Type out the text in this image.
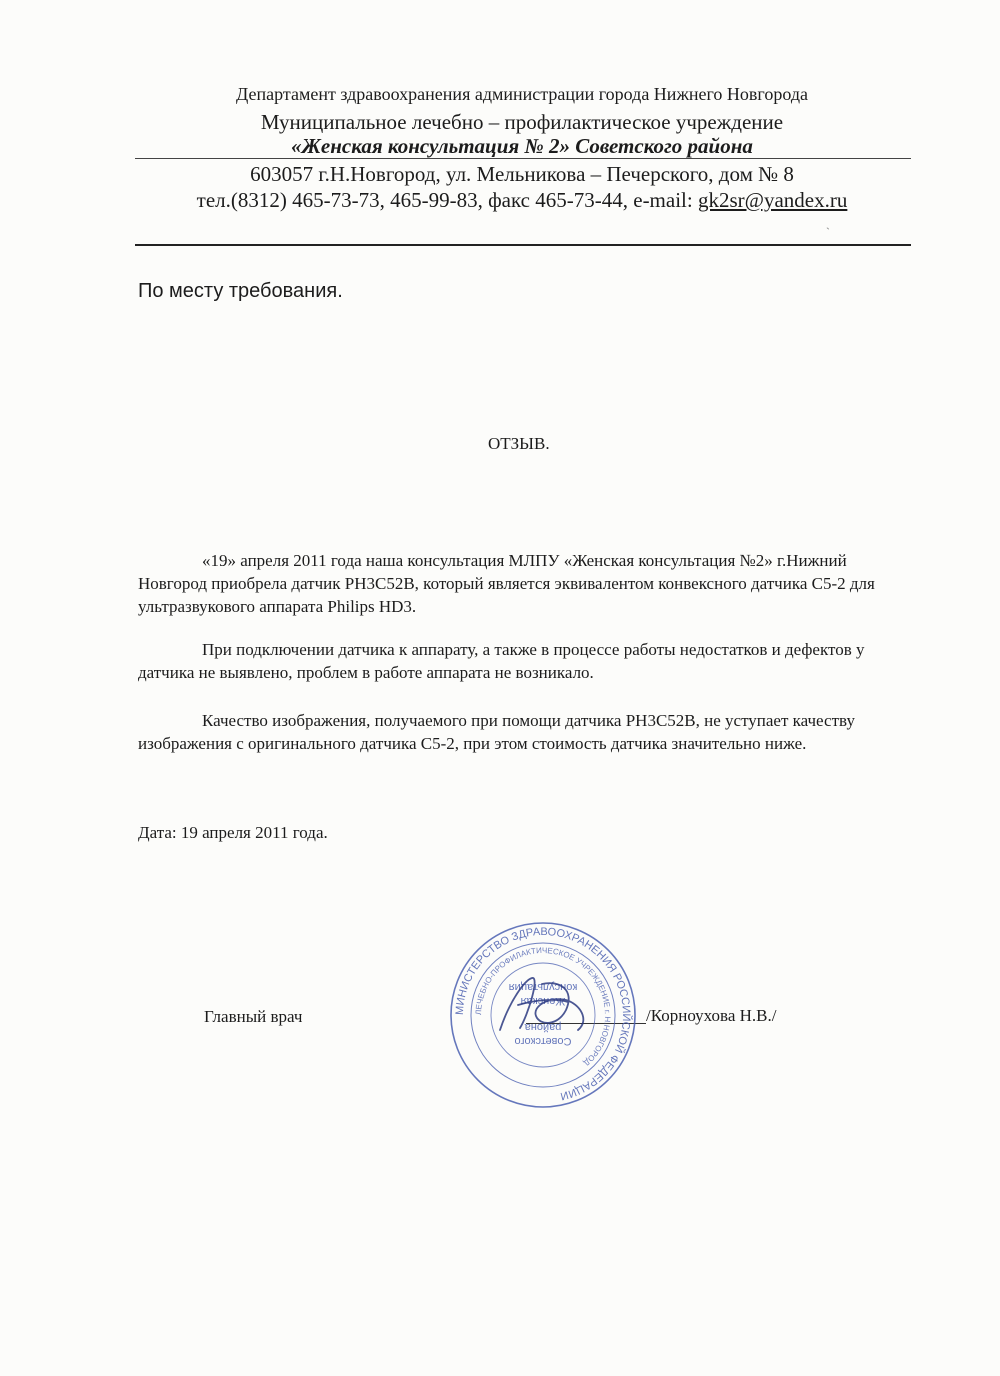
Департамент здравоохранения администрации города Нижнего Новгорода
Муниципальное лечебно – профилактическое учреждение
«Женская консультация № 2» Советского района
603057 г.Н.Новгород, ул. Мельникова – Печерского, дом № 8
тел.(8312) 465-73-73, 465-99-83, факс 465-73-44, e-mail: gk2sr@yandex.ru
`
По месту требования.
ОТЗЫВ.
«19» апреля 2011 года наша консультация МЛПУ «Женская консультация №2» г.Нижний Новгород приобрела датчик PH3C52B, который является эквивалентом конвексного датчика C5-2 для ультразвукового аппарата Philips HD3.
При подключении датчика к аппарату, а также в процессе работы недостатков и дефектов у датчика не выявлено, проблем в работе аппарата не возникало.
Качество изображения, получаемого при помощи датчика PH3C52B, не уступает качеству изображения с оригинального датчика C5-2, при этом стоимость датчика значительно ниже.
Дата: 19 апреля 2011 года.
Главный врач	/Корноухова Н.В./
МИНИСТЕРСТВО ЗДРАВООХРАНЕНИЯ РОССИЙСКОЙ ФЕДЕРАЦИИ
ЛЕЧЕБНО-ПРОФИЛАКТИЧЕСКОЕ УЧРЕЖДЕНИЕ г. Н.НОВГОРОД
Советского
района
Женская
консультация
